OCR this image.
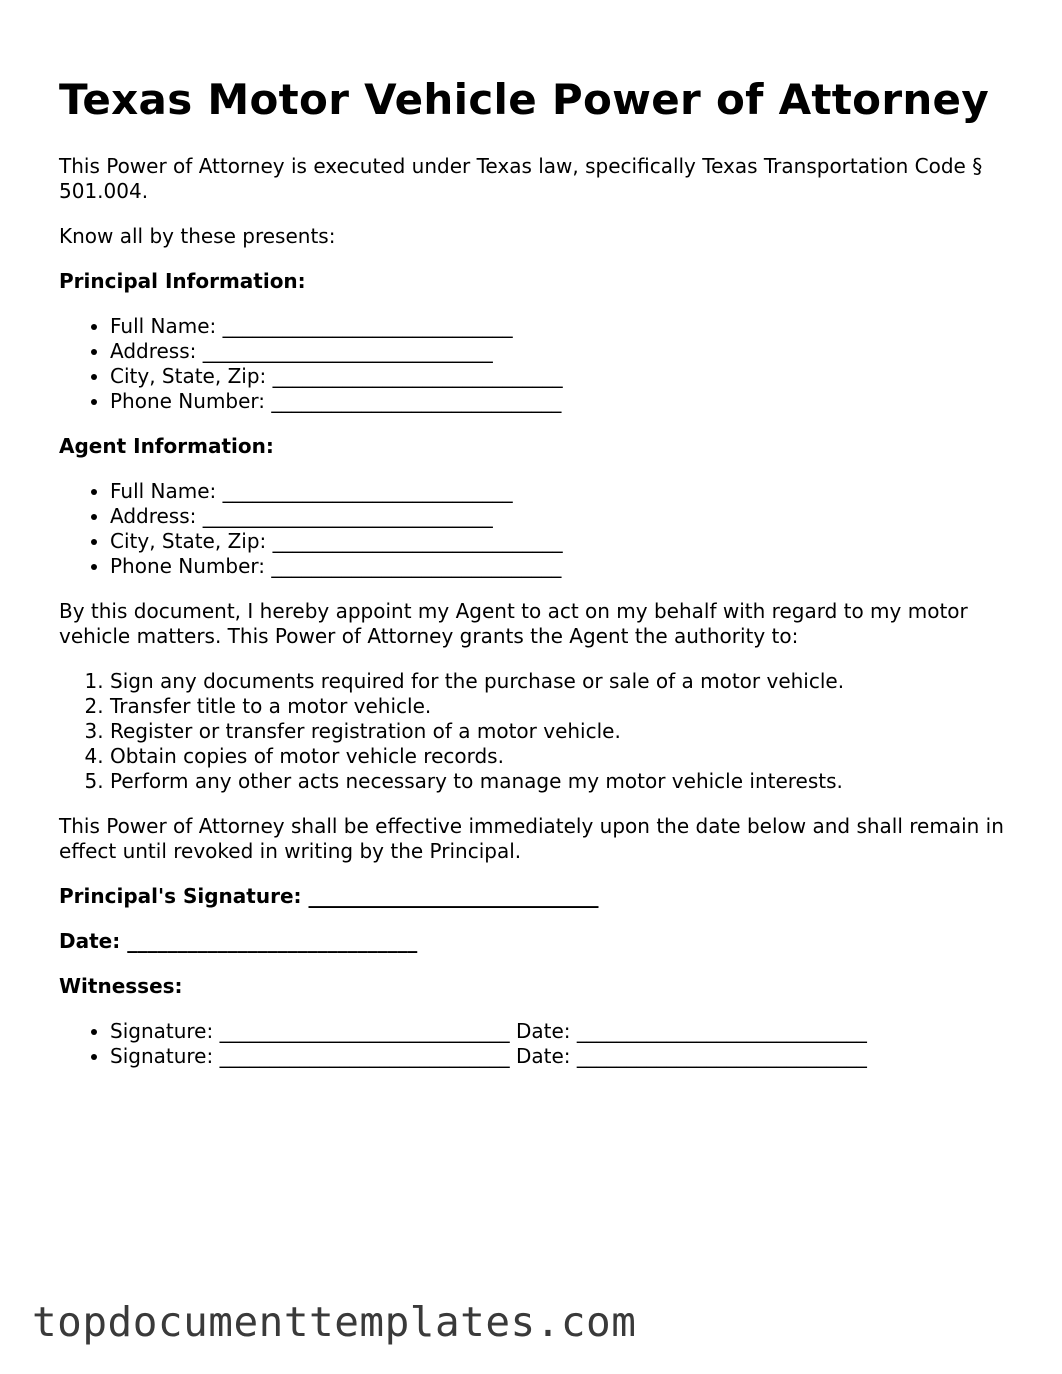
Texas Motor Vehicle Power of Attorney

This Power of Attorney is executed under Texas law, specifically Texas Transportation Code § 501.004.

Know all by these presents:

Principal Information:
• Full Name: _____________________________
• Address: _____________________________
• City, State, Zip: _____________________________
• Phone Number: _____________________________
Agent Information:
• Full Name: _____________________________
• Address: _____________________________
• City, State, Zip: _____________________________
• Phone Number: _____________________________

By this document, I hereby appoint my Agent to act on my behalf with regard to my motor vehicle matters. This Power of Attorney grants the Agent the authority to:

1. Sign any documents required for the purchase or sale of a motor vehicle.
2. Transfer title to a motor vehicle.
3. Register or transfer registration of a motor vehicle.
4. Obtain copies of motor vehicle records.
5. Perform any other acts necessary to manage my motor vehicle interests.

This Power of Attorney shall be effective immediately upon the date below and shall remain in effect until revoked in writing by the Principal.

Principal's Signature: _____________________________
Date: _____________________________
Witnesses:
• Signature: _____________________________ Date: _____________________________
• Signature: _____________________________ Date: _____________________________
topdocumenttemplates.com
